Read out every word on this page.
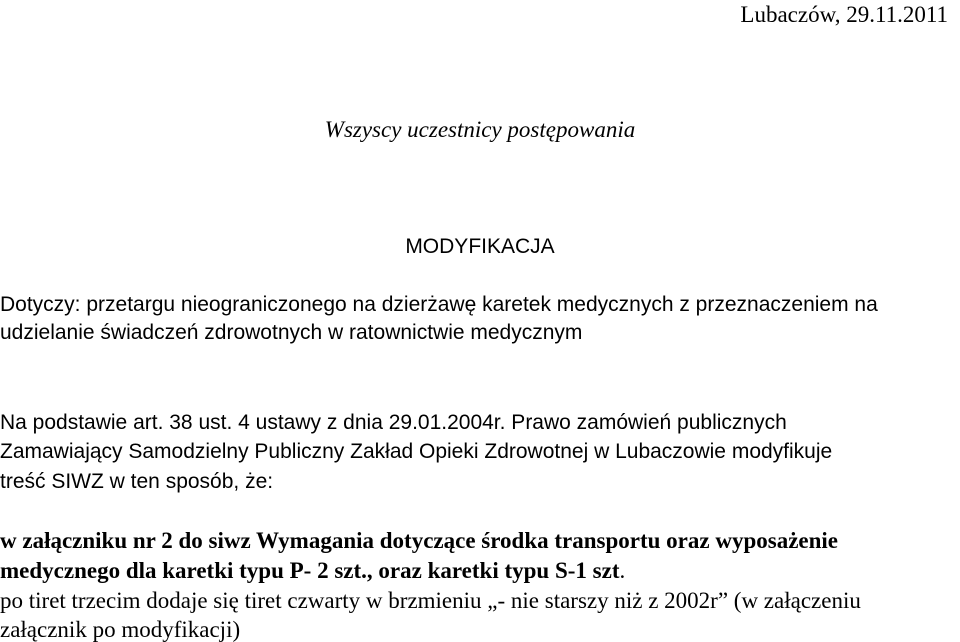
Lubaczów, 29.11.2011
Wszyscy uczestnicy postępowania
MODYFIKACJA
Dotyczy: przetargu nieograniczonego na dzierżawę karetek medycznych z przeznaczeniem na
udzielanie świadczeń zdrowotnych w ratownictwie medycznym
Na podstawie art. 38 ust. 4 ustawy z dnia 29.01.2004r. Prawo zamówień publicznych
Zamawiający Samodzielny Publiczny Zakład Opieki Zdrowotnej w Lubaczowie modyfikuje
treść SIWZ w ten sposób, że:
w załączniku nr 2 do siwz Wymagania dotyczące środka transportu oraz wyposażenie
medycznego dla karetki typu P- 2 szt., oraz karetki typu S-1 szt.
po tiret trzecim dodaje się tiret czwarty w brzmieniu „- nie starszy niż z 2002r” (w załączeniu
załącznik po modyfikacji)
